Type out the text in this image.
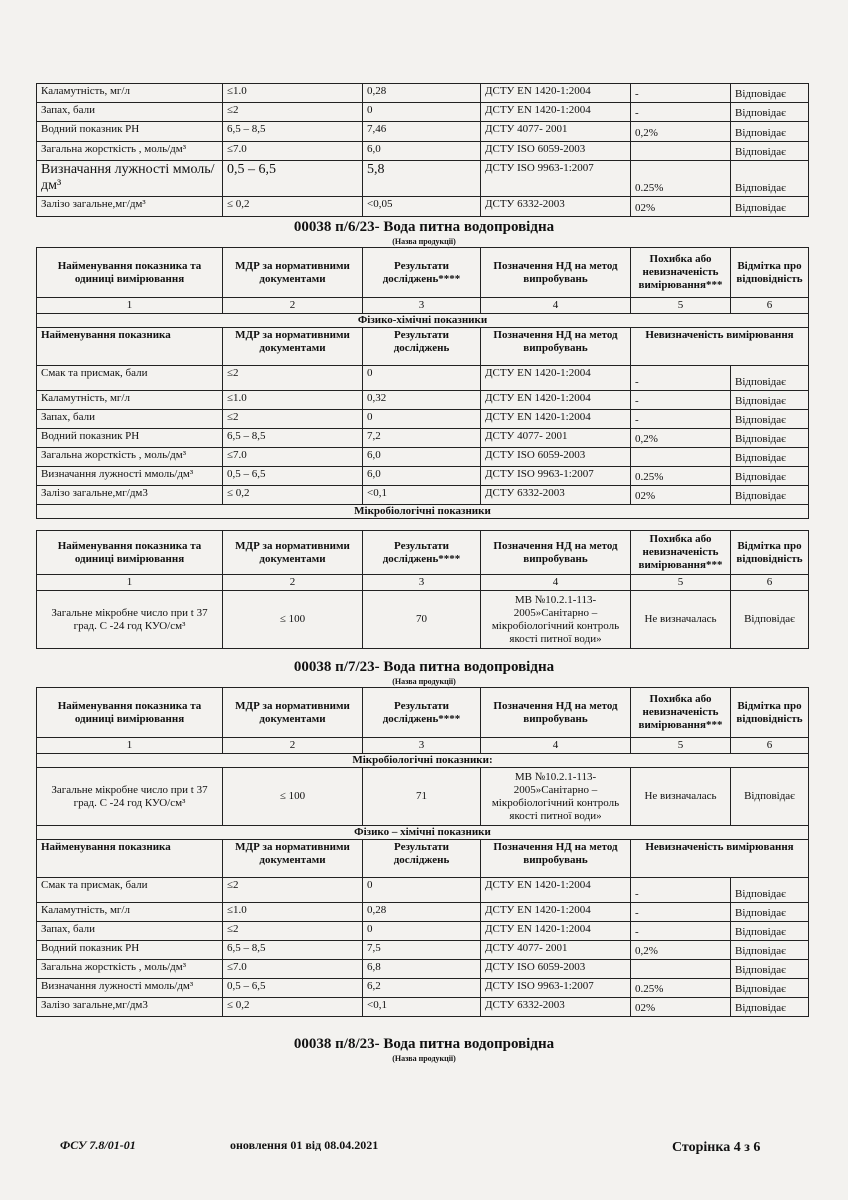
Каламутність, мг/л	≤1.0	0,28	ДСТУ EN 1420-1:2004	-	Відповідає
Запах, бали	≤2	0	ДСТУ EN 1420-1:2004	-	Відповідає
Водний показник РН	6,5 – 8,5	7,46	ДСТУ 4077- 2001	0,2%	Відповідає
Загальна жорсткість , моль/дм³	≤7.0	6,0	ДСТУ ISO 6059-2003		Відповідає
Визначання лужності ммоль/дм³	0,5 – 6,5	5,8	ДСТУ ISO 9963-1:2007	0.25%	Відповідає
Залізо загальне,мг/дм³	≤ 0,2	<0,05	ДСТУ 6332-2003	02%	Відповідає
00038 п/6/23- Вода питна водопровідна
(Назва продукції)
Найменування показника та одиниці вимірювання	МДР за нормативними документами	Результати досліджень****	Позначення НД на метод випробувань	Похибка або невизначеність вимірювання***	Відмітка про відповідність
1	2	3	4	5	6
Фізико-хімічні показники					
Найменування показника	МДР за нормативними документами	Результати досліджень	Позначення НД на метод випробувань	Невизначеність вимірювання	
Смак та присмак, бали	≤2	0	ДСТУ EN 1420-1:2004	-	Відповідає
Каламутність, мг/л	≤1.0	0,32	ДСТУ EN 1420-1:2004	-	Відповідає
Запах, бали	≤2	0	ДСТУ EN 1420-1:2004	-	Відповідає
Водний показник РН	6,5 – 8,5	7,2	ДСТУ 4077- 2001	0,2%	Відповідає
Загальна жорсткість , моль/дм³	≤7.0	6,0	ДСТУ ISO 6059-2003		Відповідає
Визначання лужності ммоль/дм³	0,5 – 6,5	6,0	ДСТУ ISO 9963-1:2007	0.25%	Відповідає
Залізо загальне,мг/дм3	≤ 0,2	<0,1	ДСТУ 6332-2003	02%	Відповідає
Мікробіологічні показники					
Найменування показника та одиниці вимірювання	МДР за нормативними документами	Результати досліджень****	Позначення НД на метод випробувань	Похибка або невизначеність вимірювання***	Відмітка про відповідність
1	2	3	4	5	6
Загальне мікробне число при t 37 град. С -24 год КУО/см³	≤ 100	70	МВ №10.2.1-113-2005»Санітарно – мікробіологічний контроль якості питної води»	Не визначалась	Відповідає
00038 п/7/23- Вода питна водопровідна
(Назва продукції)
Найменування показника та одиниці вимірювання	МДР за нормативними документами	Результати досліджень****	Позначення НД на метод випробувань	Похибка або невизначеність вимірювання***	Відмітка про відповідність
1	2	3	4	5	6
Мікробіологічні показники:					
Загальне мікробне число при t 37 град. С -24 год КУО/см³	≤ 100	71	МВ №10.2.1-113-2005»Санітарно – мікробіологічний контроль якості питної води»	Не визначалась	Відповідає
Фізико – хімічні показники					
Найменування показника	МДР за нормативними документами	Результати досліджень	Позначення НД на метод випробувань	Невизначеність вимірювання	
Смак та присмак, бали	≤2	0	ДСТУ EN 1420-1:2004	-	Відповідає
Каламутність, мг/л	≤1.0	0,28	ДСТУ EN 1420-1:2004	-	Відповідає
Запах, бали	≤2	0	ДСТУ EN 1420-1:2004	-	Відповідає
Водний показник РН	6,5 – 8,5	7,5	ДСТУ 4077- 2001	0,2%	Відповідає
Загальна жорсткість , моль/дм³	≤7.0	6,8	ДСТУ ISO 6059-2003		Відповідає
Визначання лужності ммоль/дм³	0,5 – 6,5	6,2	ДСТУ ISO 9963-1:2007	0.25%	Відповідає
Залізо загальне,мг/дм3	≤ 0,2	<0,1	ДСТУ 6332-2003	02%	Відповідає
00038 п/8/23- Вода питна водопровідна
(Назва продукції)
ФСУ 7.8/01-01	оновлення 01 від 08.04.2021	Сторінка 4 з 6
